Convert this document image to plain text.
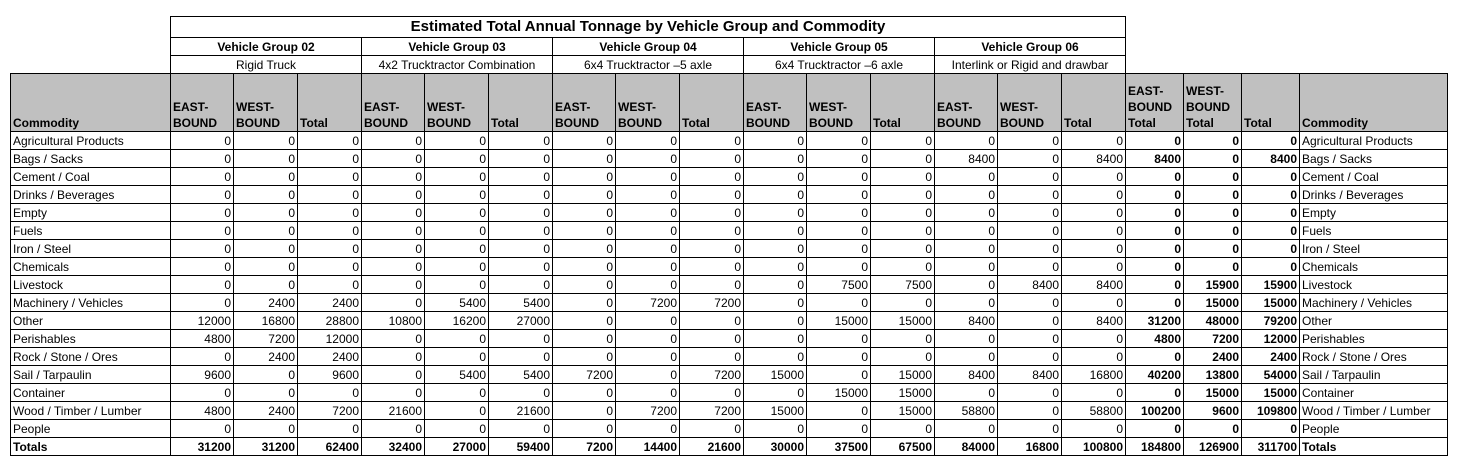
	Estimated Total Annual Tonnage by Vehicle Group and Commodity																		
	Vehicle Group 02			Vehicle Group 03			Vehicle Group 04			Vehicle Group 05			Vehicle Group 06						
	Rigid Truck			4x2 Trucktractor Combination			6x4 Trucktractor –5 axle			6x4 Trucktractor –6 axle			Interlink or Rigid and drawbar						
Commodity	EAST-BOUND	WEST-BOUND	Total	EAST-BOUND	WEST-BOUND	Total	EAST-BOUND	WEST-BOUND	Total	EAST-BOUND	WEST-BOUND	Total	EAST-BOUND	WEST-BOUND	Total	EAST-BOUND Total	WEST-BOUND Total	Total	Commodity
Agricultural Products	0	0	0	0	0	0	0	0	0	0	0	0	0	0	0	0	0	0	Agricultural Products
Bags / Sacks	0	0	0	0	0	0	0	0	0	0	0	0	8400	0	8400	8400	0	8400	Bags / Sacks
Cement / Coal	0	0	0	0	0	0	0	0	0	0	0	0	0	0	0	0	0	0	Cement / Coal
Drinks / Beverages	0	0	0	0	0	0	0	0	0	0	0	0	0	0	0	0	0	0	Drinks / Beverages
Empty	0	0	0	0	0	0	0	0	0	0	0	0	0	0	0	0	0	0	Empty
Fuels	0	0	0	0	0	0	0	0	0	0	0	0	0	0	0	0	0	0	Fuels
Iron / Steel	0	0	0	0	0	0	0	0	0	0	0	0	0	0	0	0	0	0	Iron / Steel
Chemicals	0	0	0	0	0	0	0	0	0	0	0	0	0	0	0	0	0	0	Chemicals
Livestock	0	0	0	0	0	0	0	0	0	0	7500	7500	0	8400	8400	0	15900	15900	Livestock
Machinery / Vehicles	0	2400	2400	0	5400	5400	0	7200	7200	0	0	0	0	0	0	0	15000	15000	Machinery / Vehicles
Other	12000	16800	28800	10800	16200	27000	0	0	0	0	15000	15000	8400	0	8400	31200	48000	79200	Other
Perishables	4800	7200	12000	0	0	0	0	0	0	0	0	0	0	0	0	4800	7200	12000	Perishables
Rock / Stone / Ores	0	2400	2400	0	0	0	0	0	0	0	0	0	0	0	0	0	2400	2400	Rock / Stone / Ores
Sail / Tarpaulin	9600	0	9600	0	5400	5400	7200	0	7200	15000	0	15000	8400	8400	16800	40200	13800	54000	Sail / Tarpaulin
Container	0	0	0	0	0	0	0	0	0	0	15000	15000	0	0	0	0	15000	15000	Container
Wood / Timber / Lumber	4800	2400	7200	21600	0	21600	0	7200	7200	15000	0	15000	58800	0	58800	100200	9600	109800	Wood / Timber / Lumber
People	0	0	0	0	0	0	0	0	0	0	0	0	0	0	0	0	0	0	People
Totals	31200	31200	62400	32400	27000	59400	7200	14400	21600	30000	37500	67500	84000	16800	100800	184800	126900	311700	Totals
